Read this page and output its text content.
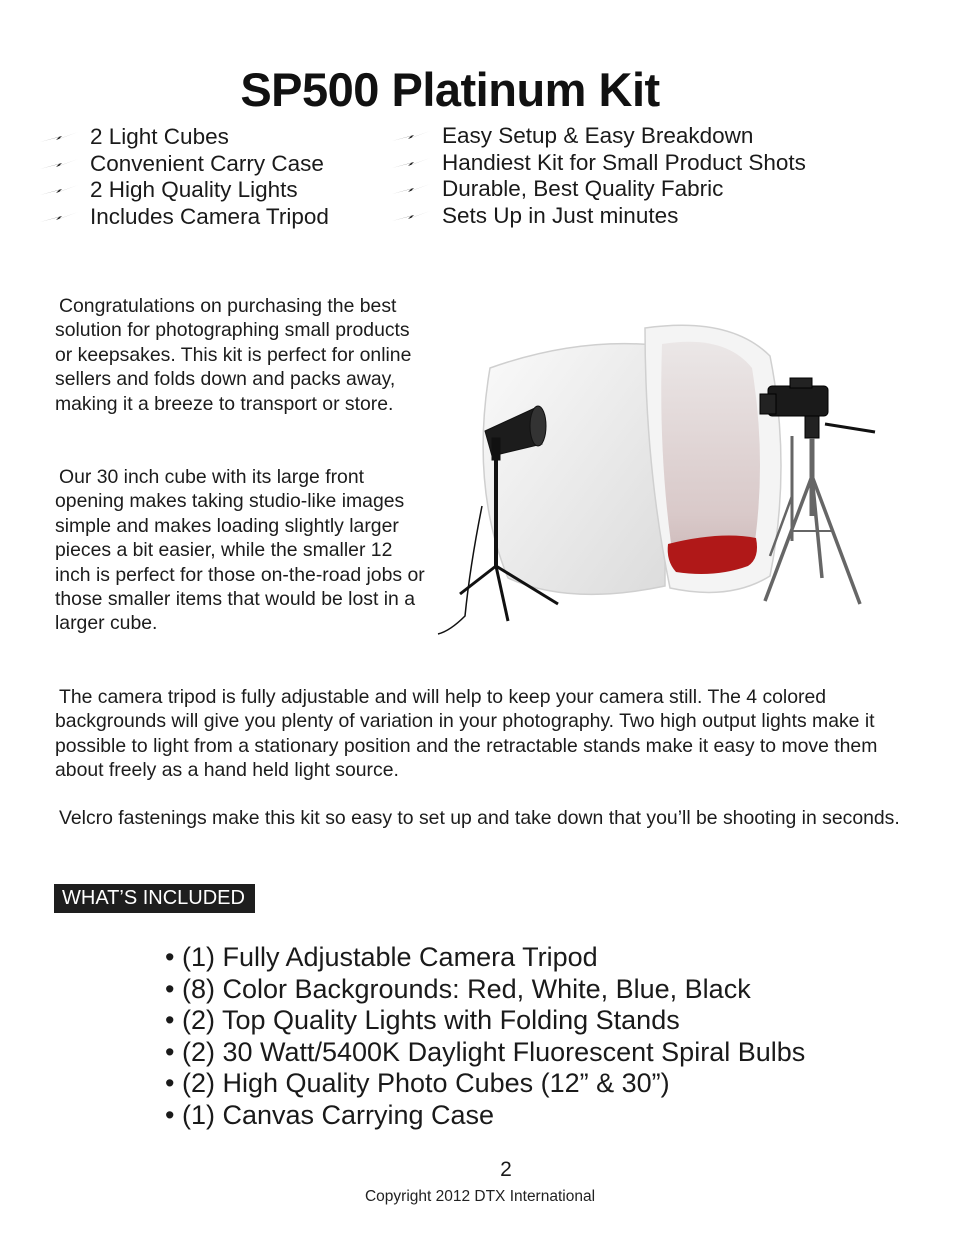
SP500 Platinum Kit
2 Light Cubes
Convenient Carry Case
2 High Quality Lights
Includes Camera Tripod
Easy Setup & Easy Breakdown
Handiest Kit for Small Product Shots
Durable, Best Quality Fabric
Sets Up in Just minutes

Congratulations on purchasing the best solution for photographing small products or keepsakes. This kit is perfect for online sellers and folds down and packs away, making it a breeze to transport or store.

Our 30 inch cube with its large front opening makes taking studio-like images simple and makes loading slightly larger pieces a bit easier, while the smaller 12 inch is perfect for those on-the-road jobs or those smaller items that would be lost in a larger cube.

The camera tripod is fully adjustable and will help to keep your camera still. The 4 colored backgrounds will give you plenty of variation in your photography. Two high output lights make it possible to light from a stationary position and the retractable stands make it easy to move them about freely as a hand held light source.

Velcro fastenings make this kit so easy to set up and take down that you’ll be shooting in seconds.

WHAT’S INCLUDED
• (1) Fully Adjustable Camera Tripod
• (8) Color Backgrounds: Red, White, Blue, Black
• (2) Top Quality Lights with Folding Stands
• (2) 30 Watt/5400K Daylight Fluorescent Spiral Bulbs
• (2) High Quality Photo Cubes (12” & 30”)
• (1) Canvas Carrying Case
2
Copyright 2012 DTX International
